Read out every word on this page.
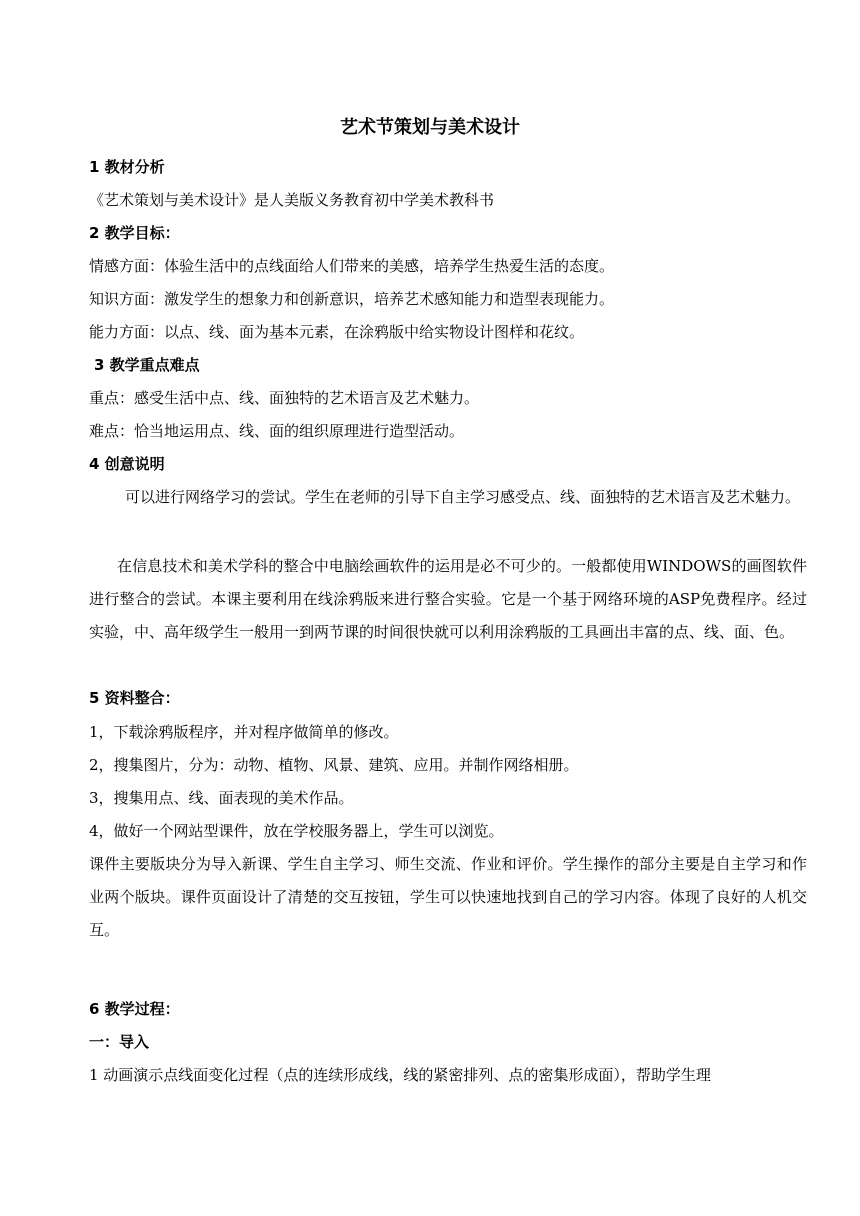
艺术节策划与美术设计
1 教材分析
《艺术策划与美术设计》是人美版义务教育初中学美术教科书
2 教学目标：
情感方面：体验生活中的点线面给人们带来的美感，培养学生热爱生活的态度。
知识方面：激发学生的想象力和创新意识，培养艺术感知能力和造型表现能力。
能力方面：以点、线、面为基本元素，在涂鸦版中给实物设计图样和花纹。
3 教学重点难点
重点：感受生活中点、线、面独特的艺术语言及艺术魅力。
难点：恰当地运用点、线、面的组织原理进行造型活动。
4 创意说明
可以进行网络学习的尝试。学生在老师的引导下自主学习感受点、线、面独特的艺术语言及艺术魅力。
在信息技术和美术学科的整合中电脑绘画软件的运用是必不可少的。一般都使用WINDOWS的画图软件进行整合的尝试。本课主要利用在线涂鸦版来进行整合实验。它是一个基于网络环境的ASP免费程序。经过实验，中、高年级学生一般用一到两节课的时间很快就可以利用涂鸦版的工具画出丰富的点、线、面、色。
5 资料整合：
1，下载涂鸦版程序，并对程序做简单的修改。
2，搜集图片，分为：动物、植物、风景、建筑、应用。并制作网络相册。
3，搜集用点、线、面表现的美术作品。
4，做好一个网站型课件，放在学校服务器上，学生可以浏览。
课件主要版块分为导入新课、学生自主学习、师生交流、作业和评价。学生操作的部分主要是自主学习和作业两个版块。课件页面设计了清楚的交互按钮，学生可以快速地找到自己的学习内容。体现了良好的人机交互。
6 教学过程：
一：导入
1 动画演示点线面变化过程（点的连续形成线，线的紧密排列、点的密集形成面），帮助学生理
